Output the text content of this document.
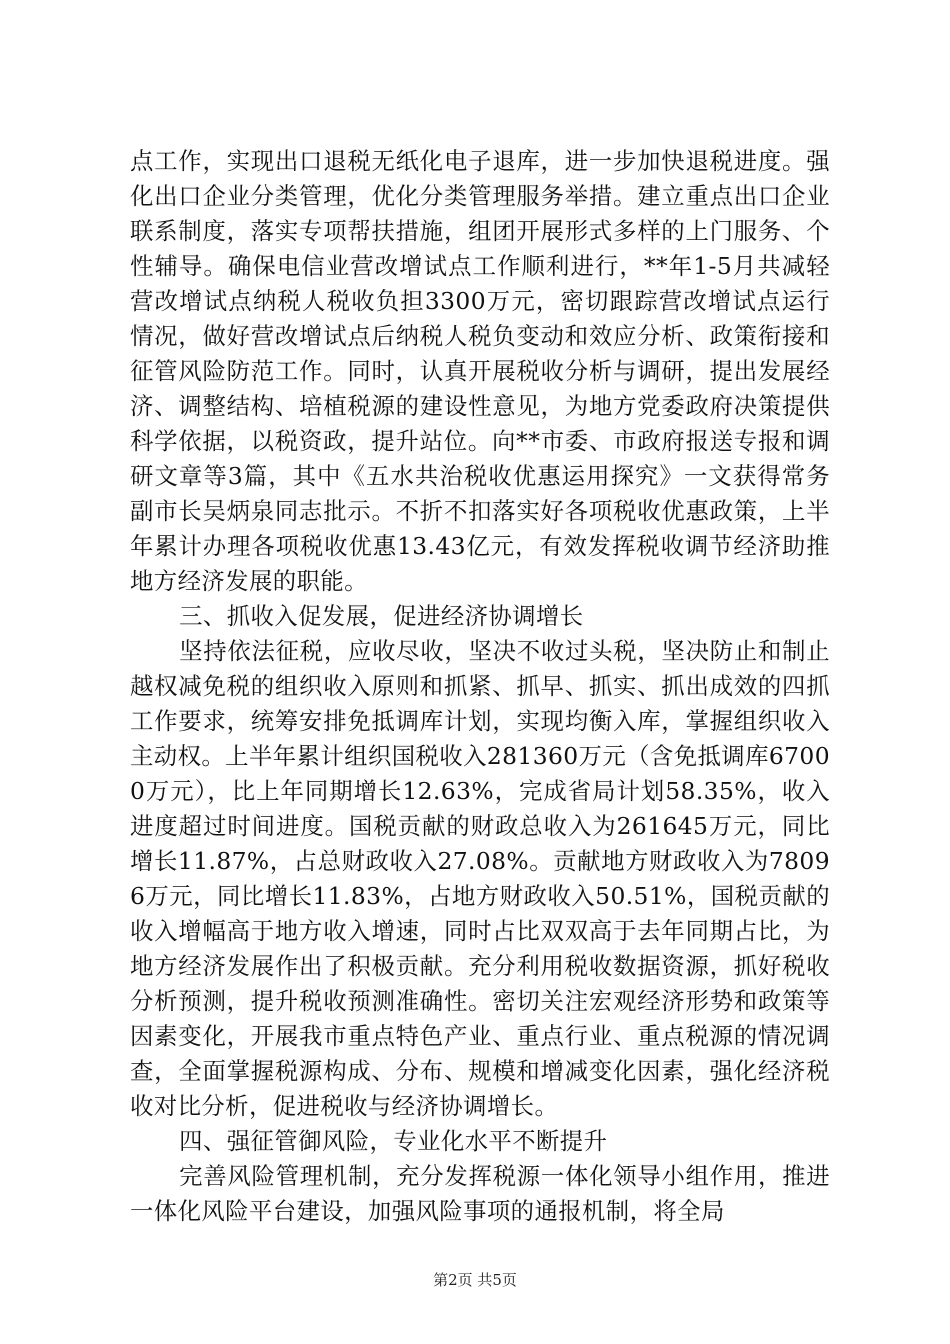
点工作，实现出口退税无纸化电子退库，进一步加快退税进度。强化出口企业分类管理，优化分类管理服务举措。建立重点出口企业联系制度，落实专项帮扶措施，组团开展形式多样的上门服务、个性辅导。确保电信业营改增试点工作顺利进行，**年1-5月共减轻营改增试点纳税人税收负担3300万元，密切跟踪营改增试点运行情况，做好营改增试点后纳税人税负变动和效应分析、政策衔接和征管风险防范工作。同时，认真开展税收分析与调研，提出发展经济、调整结构、培植税源的建设性意见，为地方党委政府决策提供科学依据，以税资政，提升站位。向**市委、市政府报送专报和调研文章等3篇，其中《五水共治税收优惠运用探究》一文获得常务副市长吴炳泉同志批示。不折不扣落实好各项税收优惠政策，上半年累计办理各项税收优惠13.43亿元，有效发挥税收调节经济助推地方经济发展的职能。

三、抓收入促发展，促进经济协调增长

坚持依法征税，应收尽收，坚决不收过头税，坚决防止和制止越权减免税的组织收入原则和抓紧、抓早、抓实、抓出成效的四抓工作要求，统筹安排免抵调库计划，实现均衡入库，掌握组织收入主动权。上半年累计组织国税收入281360万元（含免抵调库67000万元），比上年同期增长12.63%，完成省局计划58.35%，收入进度超过时间进度。国税贡献的财政总收入为261645万元，同比增长11.87%，占总财政收入27.08%。贡献地方财政收入为78096万元，同比增长11.83%，占地方财政收入50.51%，国税贡献的收入增幅高于地方收入增速，同时占比双双高于去年同期占比，为地方经济发展作出了积极贡献。充分利用税收数据资源，抓好税收分析预测，提升税收预测准确性。密切关注宏观经济形势和政策等因素变化，开展我市重点特色产业、重点行业、重点税源的情况调查，全面掌握税源构成、分布、规模和增减变化因素，强化经济税收对比分析，促进税收与经济协调增长。

四、强征管御风险，专业化水平不断提升

完善风险管理机制，充分发挥税源一体化领导小组作用，推进一体化风险平台建设，加强风险事项的通报机制，将全局

第2页 共5页
